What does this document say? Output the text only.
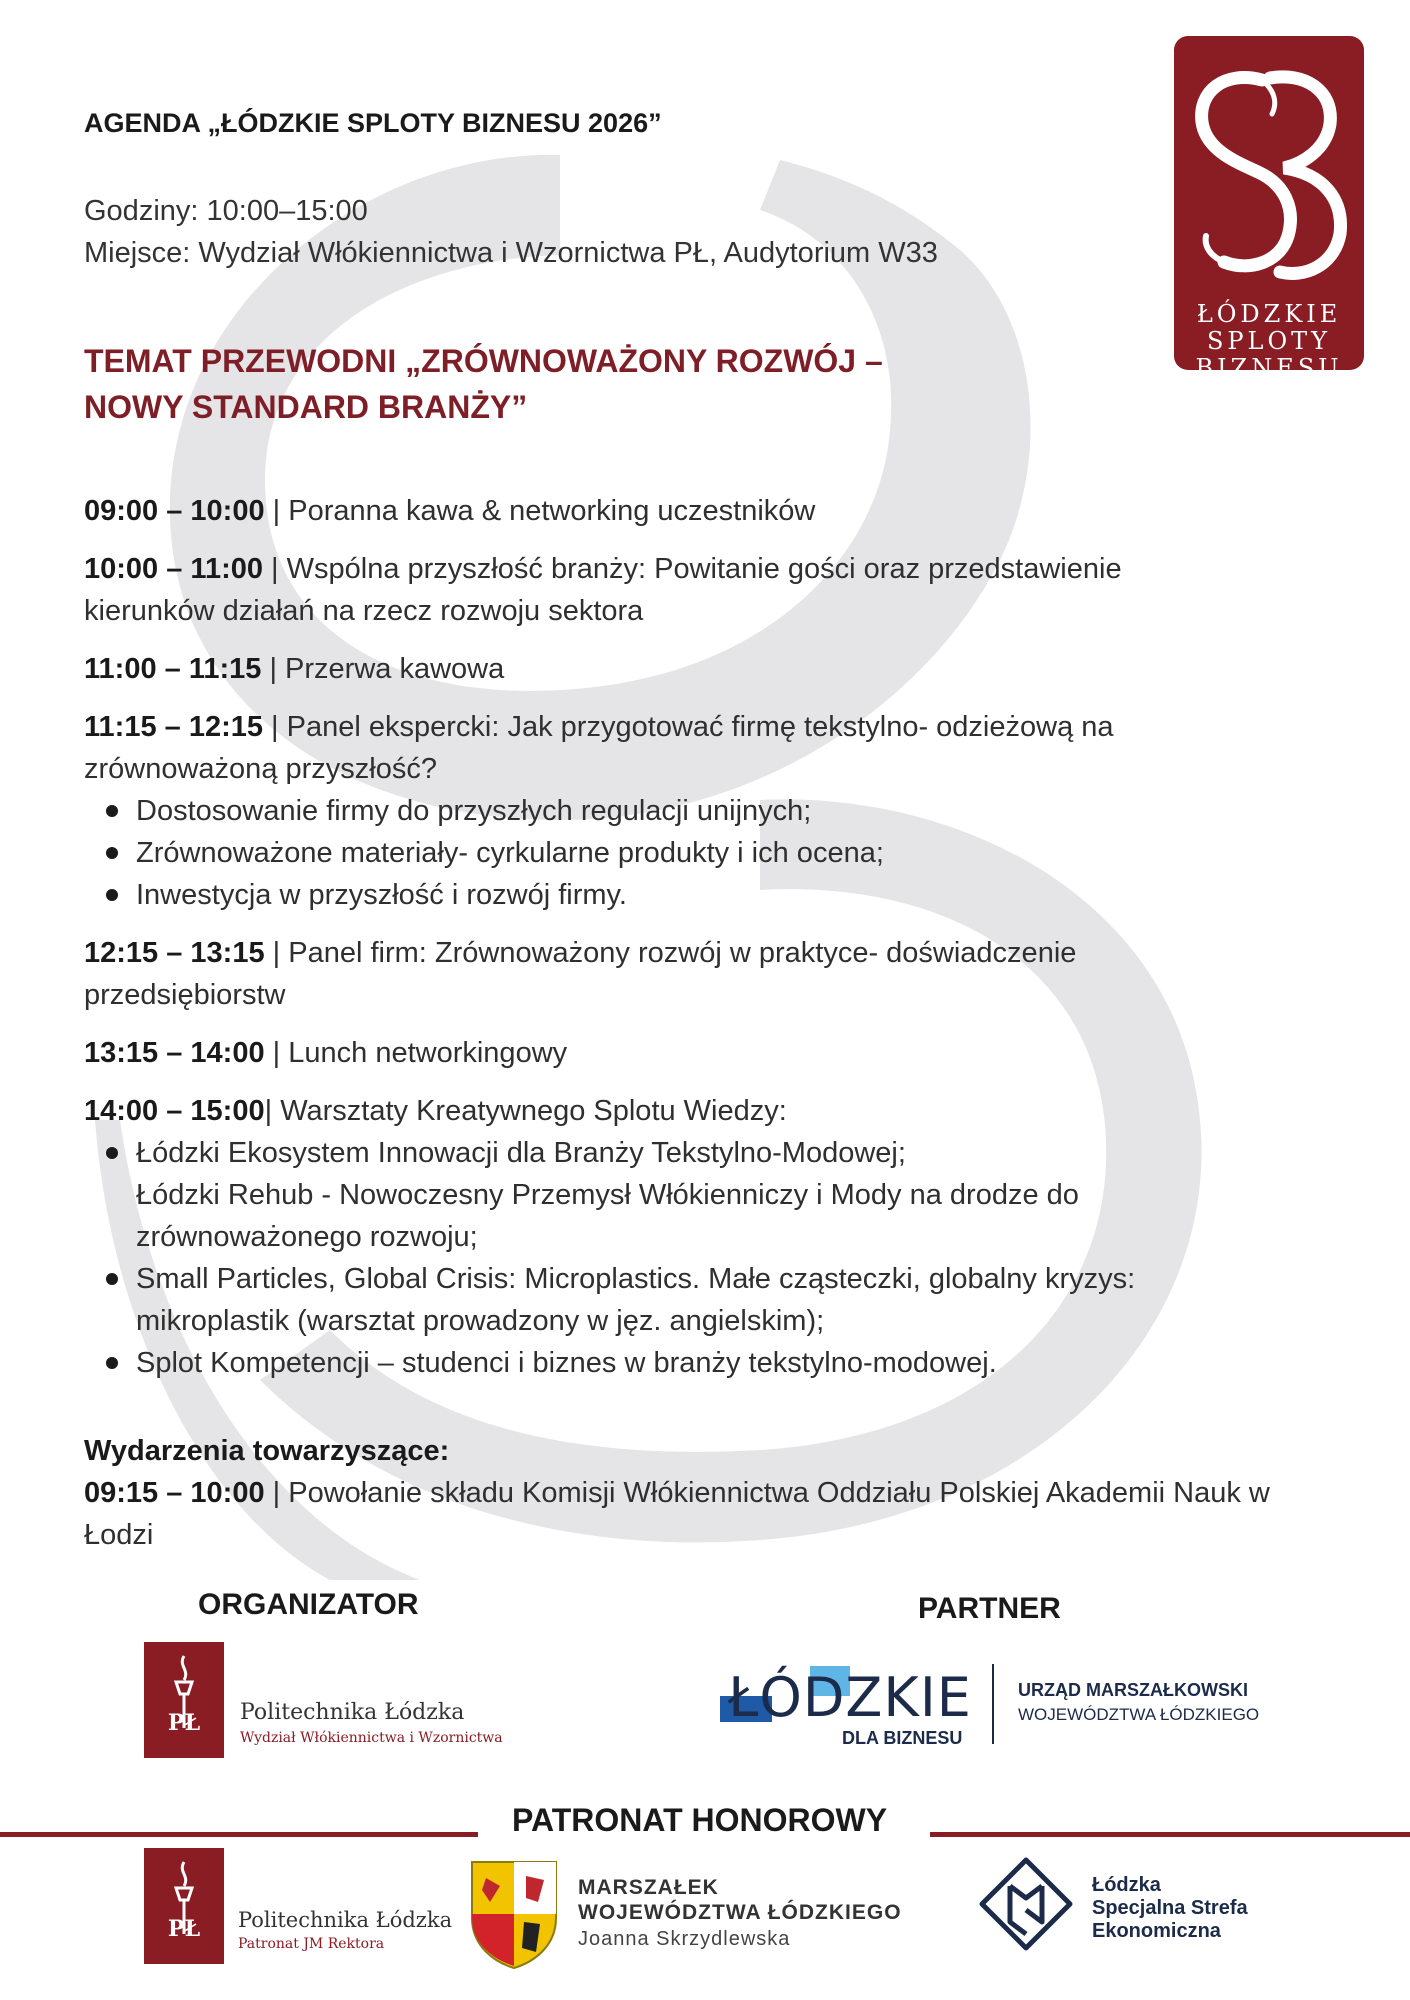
ŁÓDZKIE
SPLOTY
BIZNESU
AGENDA „ŁÓDZKIE SPLOTY BIZNESU 2026”
Godziny: 10:00–15:00
Miejsce: Wydział Włókiennictwa i Wzornictwa PŁ, Audytorium W33
TEMAT PRZEWODNI „ZRÓWNOWAŻONY ROZWÓJ –
NOWY STANDARD BRANŻY”
09:00 – 10:00 | Poranna kawa & networking uczestników
10:00 – 11:00 | Wspólna przyszłość branży: Powitanie gości oraz przedstawienie kierunków działań na rzecz rozwoju sektora
11:00 – 11:15 | Przerwa kawowa
11:15 – 12:15 | Panel ekspercki: Jak przygotować firmę tekstylno- odzieżową na zrównoważoną przyszłość?
Dostosowanie firmy do przyszłych regulacji unijnych;
Zrównoważone materiały- cyrkularne produkty i ich ocena;
Inwestycja w przyszłość i rozwój firmy.
12:15 – 13:15 | Panel firm: Zrównoważony rozwój w praktyce- doświadczenie przedsiębiorstw
13:15 – 14:00 | Lunch networkingowy
14:00 – 15:00| Warsztaty Kreatywnego Splotu Wiedzy:
Łódzki Ekosystem Innowacji dla Branży Tekstylno-Modowej;
Łódzki Rehub - Nowoczesny Przemysł Włókienniczy i Mody na drodze do zrównoważonego rozwoju;
Small Particles, Global Crisis: Microplastics. Małe cząsteczki, globalny kryzys: mikroplastik (warsztat prowadzony w jęz. angielskim);
Splot Kompetencji – studenci i biznes w branży tekstylno-modowej.
Wydarzenia towarzyszące:
09:15 – 10:00 | Powołanie składu Komisji Włókiennictwa Oddziału Polskiej Akademii Nauk w Łodzi
ORGANIZATOR
PŁ	Politechnika Łódzka
Wydział Włókiennictwa i Wzornictwa
PARTNER
ŁÓDZKIE
DLA BIZNESU
URZĄD MARSZAŁKOWSKI
WOJEWÓDZTWA ŁÓDZKIEGO
PATRONAT HONOROWY
PŁ	Politechnika Łódzka
Patronat JM Rektora
MARSZAŁEK
WOJEWÓDZTWA ŁÓDZKIEGO
Joanna Skrzydlewska
Łódzka
Specjalna Strefa
Ekonomiczna
